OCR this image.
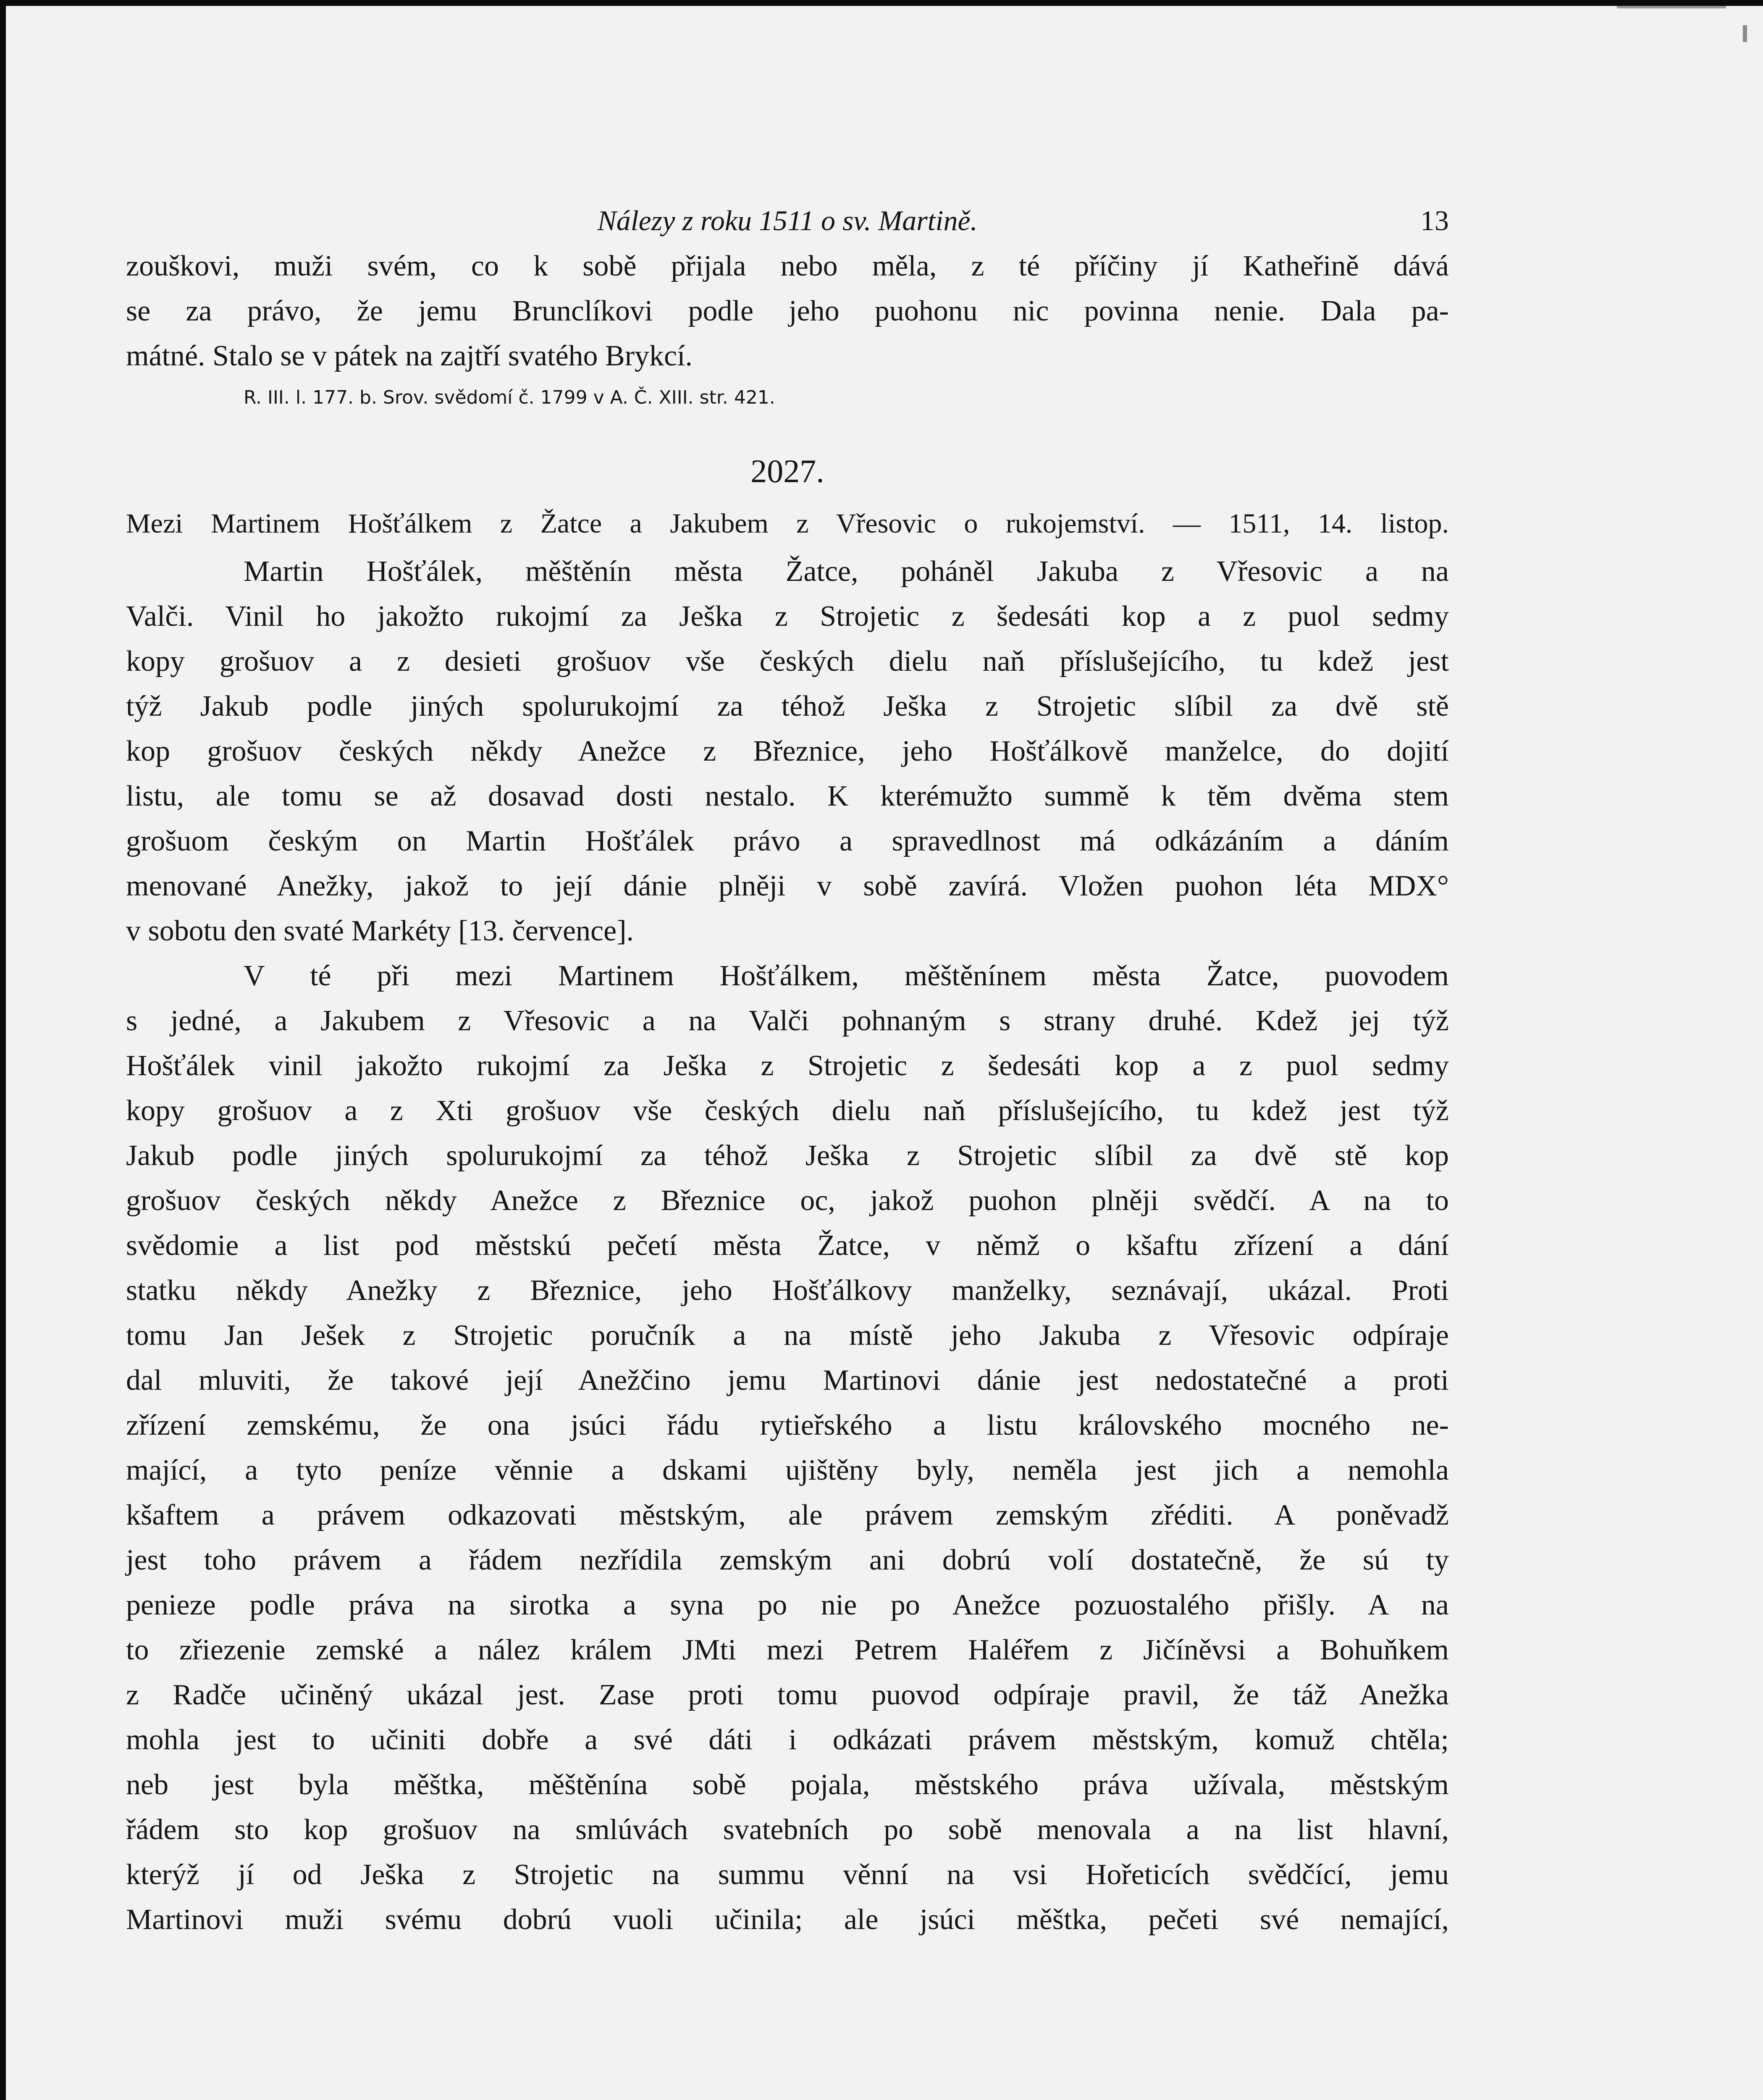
Nálezy z roku 1511 o sv. Martině.	13

zouškovi, muži svém, co k sobě přijala nebo měla, z té příčiny jí Katheřině dává

se za právo, že jemu Brunclíkovi podle jeho puohonu nic povinna nenie. Dala pa-

mátné. Stalo se v pátek na zajtří svatého Brykcí.

R. III. l. 177. b. Srov. svědomí č. 1799 v A. Č. XIII. str. 421.
2027.
Mezi Martinem Hošťálkem z Žatce a Jakubem z Vřesovic o rukojemství. — 1511, 14. listop.

Martin Hošťálek, měštěnín města Žatce, poháněl Jakuba z Vřesovic a na

Valči. Vinil ho jakožto rukojmí za Ješka z Strojetic z šedesáti kop a z puol sedmy

kopy grošuov a z desieti grošuov vše českých dielu naň příslušejícího, tu kdež jest

týž Jakub podle jiných spolurukojmí za téhož Ješka z Strojetic slíbil za dvě stě

kop grošuov českých někdy Anežce z Březnice, jeho Hošťálkově manželce, do dojití

listu, ale tomu se až dosavad dosti nestalo. K kterémužto summě k těm dvěma stem

grošuom českým on Martin Hošťálek právo a spravedlnost má odkázáním a dáním

menované Anežky, jakož to její dánie plněji v sobě zavírá. Vložen puohon léta MDX°

v sobotu den svaté Markéty [13. července].

V té při mezi Martinem Hošťálkem, měštěnínem města Žatce, puovodem

s jedné, a Jakubem z Vřesovic a na Valči pohnaným s strany druhé. Kdež jej týž

Hošťálek vinil jakožto rukojmí za Ješka z Strojetic z šedesáti kop a z puol sedmy

kopy grošuov a z Xti grošuov vše českých dielu naň příslušejícího, tu kdež jest týž

Jakub podle jiných spolurukojmí za téhož Ješka z Strojetic slíbil za dvě stě kop

grošuov českých někdy Anežce z Březnice oc, jakož puohon plněji svědčí. A na to

svědomie a list pod městskú pečetí města Žatce, v němž o kšaftu zřízení a dání

statku někdy Anežky z Březnice, jeho Hošťálkovy manželky, seznávají, ukázal. Proti

tomu Jan Ješek z Strojetic poručník a na místě jeho Jakuba z Vřesovic odpíraje

dal mluviti, že takové její Anežčino jemu Martinovi dánie jest nedostatečné a proti

zřízení zemskému, že ona jsúci řádu rytieřského a listu královského mocného ne-

mající, a tyto peníze věnnie a dskami ujištěny byly, neměla jest jich a nemohla

kšaftem a právem odkazovati městským, ale právem zemským zřéditi. A poněvadž

jest toho právem a řádem nezřídila zemským ani dobrú volí dostatečně, že sú ty

penieze podle práva na sirotka a syna po nie po Anežce pozuostalého přišly. A na

to zřiezenie zemské a nález králem JMti mezi Petrem Haléřem z Jičíněvsi a Bohuňkem

z Radče učiněný ukázal jest. Zase proti tomu puovod odpíraje pravil, že táž Anežka

mohla jest to učiniti dobře a své dáti i odkázati právem městským, komuž chtěla;

neb jest byla měštka, měštěnína sobě pojala, městského práva užívala, městským

řádem sto kop grošuov na smlúvách svatebních po sobě menovala a na list hlavní,

kterýž jí od Ješka z Strojetic na summu věnní na vsi Hořeticích svědčící, jemu

Martinovi muži svému dobrú vuoli učinila; ale jsúci měštka, pečeti své nemající,
